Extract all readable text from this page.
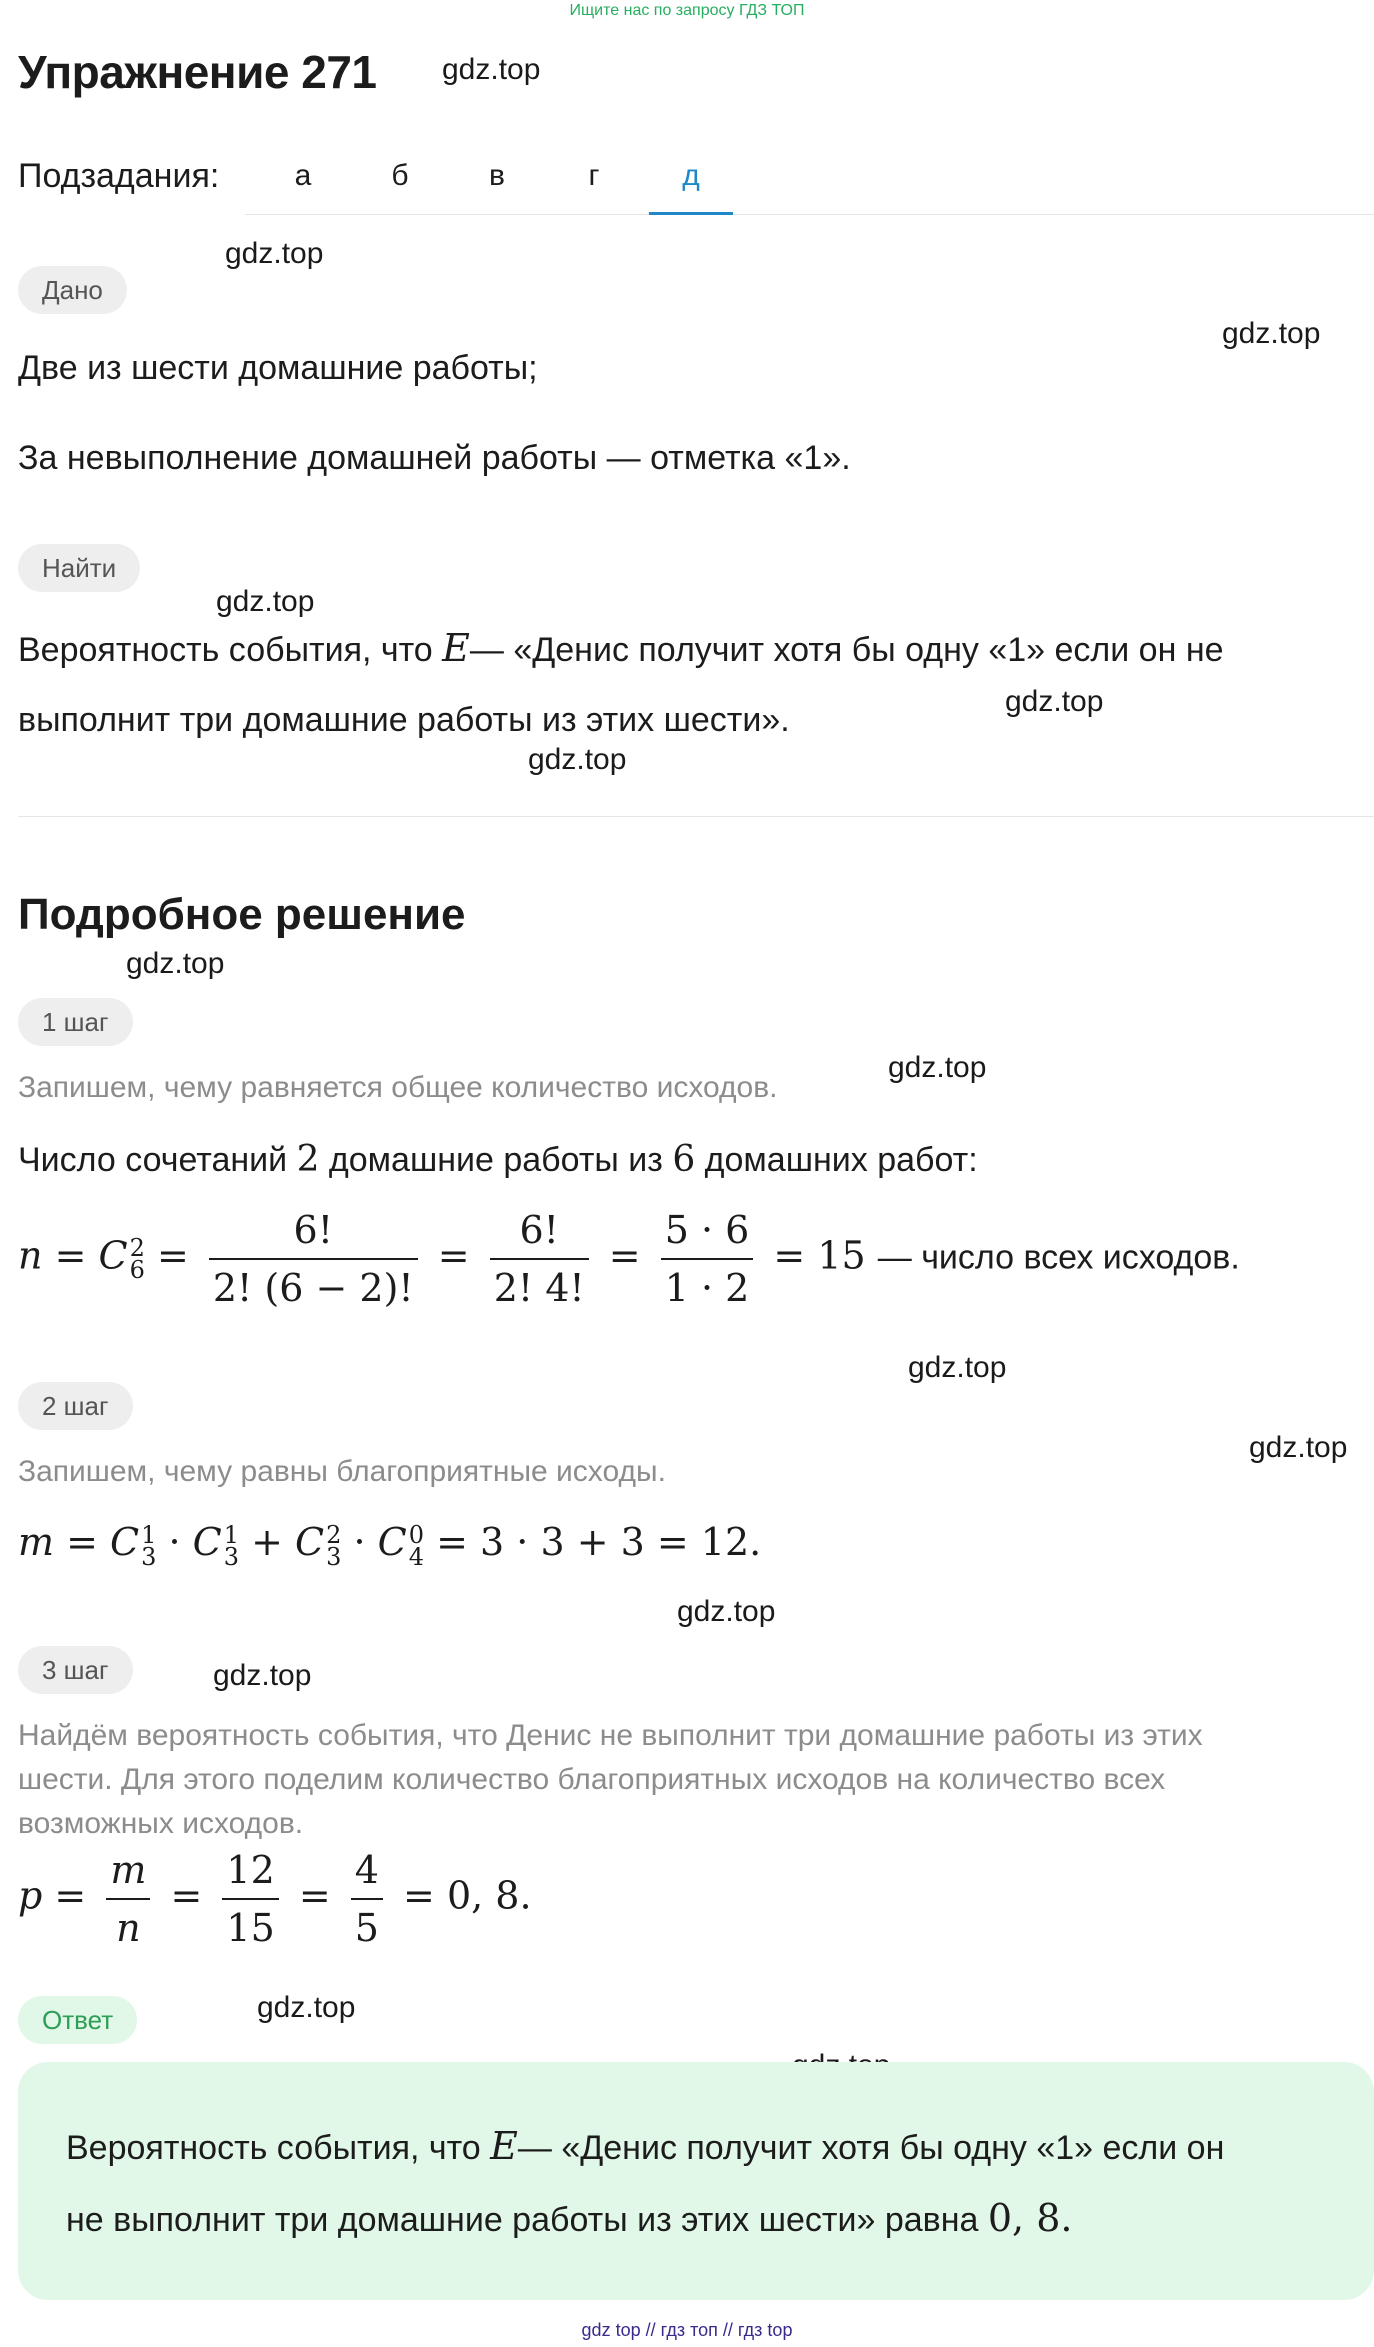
Ищите нас по запросу ГДЗ ТОП
Упражнение 271 gdz.top
gdz.top
gdz.top
gdz.top
gdz.top
gdz.top
gdz.top
gdz.top
gdz.top
gdz.top
gdz.top
gdz.top
gdz.top
Подзадания:	а	б	в	г	д
Дано
Две из шести домашние работы;
За невыполнение домашней работы — отметка «1».
Найти
Вероятность события, что E— «Денис получит хотя бы одну «1» если он не
выполнит три домашние работы из этих шести».
Подробное решение
1 шаг
Запишем, чему равняется общее количество исходов.
Число сочетаний 2 домашние работы из 6 домашних работ:
n = C 2
$6 = \frac{6!}{2! (6 - 2)!} = \frac{6!}{2! 4!} = \frac{5 \cdot 6}{1 \cdot 2} = 15$ — число всех исходов.
2 шаг
Запишем, чему равны благоприятные исходы.
m = C 1
3 · C 1
3 + C 2
3 · C 0
4 = 3 · 3 + 3 = 12.
3 шаг
Найдём вероятность события, что Денис не выполнит три домашние работы из этих
шести. Для этого поделим количество благоприятных исходов на количество всех
возможных исходов.
$p = \frac{m}{n} = \frac{12}{15} = \frac{4}{5} = 0$, 8.
Ответ
Вероятность события, что E— «Денис получит хотя бы одну «1» если он
не выполнит три домашние работы из этих шести» равна 0, 8.
gdz top // гдз топ // гдз top
